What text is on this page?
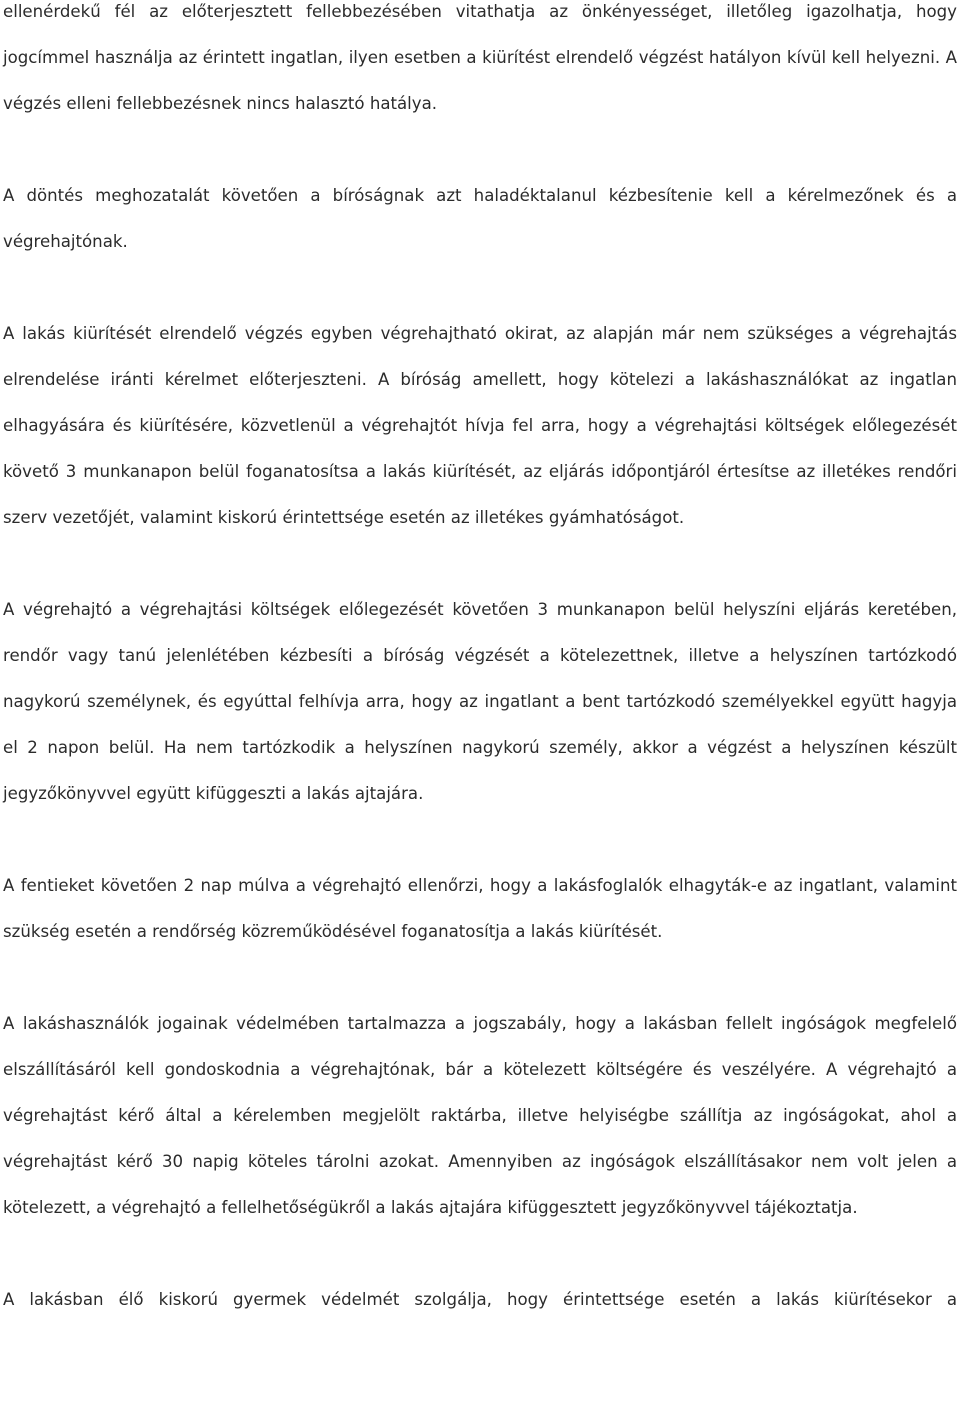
ellenérdekű fél az előterjesztett fellebbezésében vitathatja az önkényességet, illetőleg igazolhatja, hogy jogcímmel használja az érintett ingatlan, ilyen esetben a kiürítést elrendelő végzést hatályon kívül kell helyezni. A végzés elleni fellebbezésnek nincs halasztó hatálya.

A döntés meghozatalát követően a bíróságnak azt haladéktalanul kézbesítenie kell a kérelmezőnek és a végrehajtónak.

A lakás kiürítését elrendelő végzés egyben végrehajtható okirat, az alapján már nem szükséges a végrehajtás elrendelése iránti kérelmet előterjeszteni. A bíróság amellett, hogy kötelezi a lakáshasználókat az ingatlan elhagyására és kiürítésére, közvetlenül a végrehajtót hívja fel arra, hogy a végrehajtási költségek előlegezését követő 3 munkanapon belül foganatosítsa a lakás kiürítését, az eljárás időpontjáról értesítse az illetékes rendőri szerv vezetőjét, valamint kiskorú érintettsége esetén az illetékes gyámhatóságot.

A végrehajtó a végrehajtási költségek előlegezését követően 3 munkanapon belül helyszíni eljárás keretében, rendőr vagy tanú jelenlétében kézbesíti a bíróság végzését a kötelezettnek, illetve a helyszínen tartózkodó nagykorú személynek, és egyúttal felhívja arra, hogy az ingatlant a bent tartózkodó személyekkel együtt hagyja el 2 napon belül. Ha nem tartózkodik a helyszínen nagykorú személy, akkor a végzést a helyszínen készült jegyzőkönyvvel együtt kifüggeszti a lakás ajtajára.

A fentieket követően 2 nap múlva a végrehajtó ellenőrzi, hogy a lakásfoglalók elhagyták-e az ingatlant, valamint szükség esetén a rendőrség közreműködésével foganatosítja a lakás kiürítését.

A lakáshasználók jogainak védelmében tartalmazza a jogszabály, hogy a lakásban fellelt ingóságok megfelelő elszállításáról kell gondoskodnia a végrehajtónak, bár a kötelezett költségére és veszélyére. A végrehajtó a végrehajtást kérő által a kérelemben megjelölt raktárba, illetve helyiségbe szállítja az ingóságokat, ahol a végrehajtást kérő 30 napig köteles tárolni azokat. Amennyiben az ingóságok elszállításakor nem volt jelen a kötelezett, a végrehajtó a fellelhetőségükről a lakás ajtajára kifüggesztett jegyzőkönyvvel tájékoztatja.

A lakásban élő kiskorú gyermek védelmét szolgálja, hogy érintettsége esetén a lakás kiürítésekor a
